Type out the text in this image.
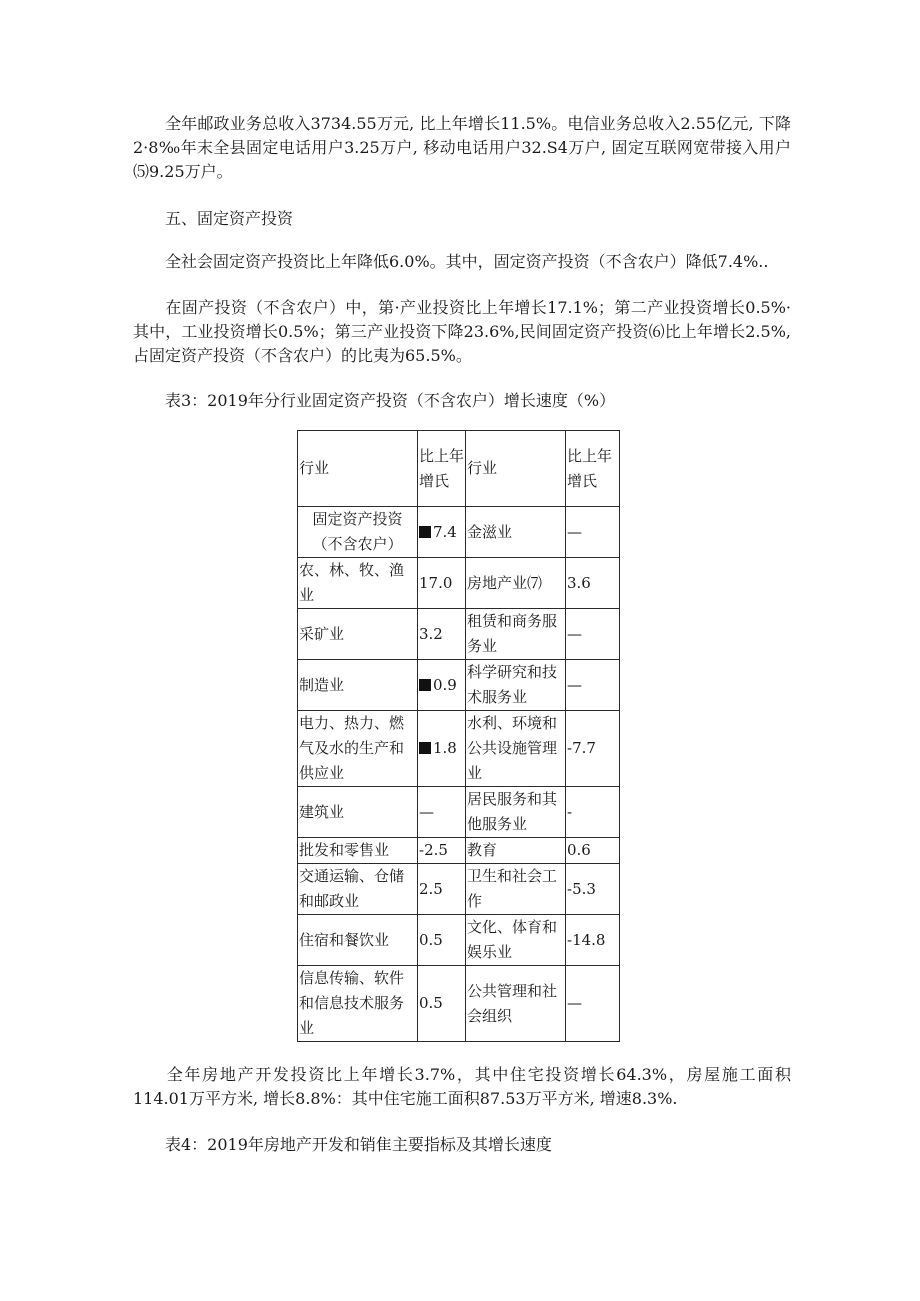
全年邮政业务总收入3734.55万元, 比上年增长11.5%。电信业务总收入2.55亿元, 下降2·8‰年末全县固定电话用户3.25万户, 移动电话用户32.S4万户, 固定互联网宽带接入用户⑸9.25万户。
五、固定资产投资
全社会固定资产投资比上年降低6.0%。其中，固定资产投资（不含农户）降低7.4%..
在固产投资（不含农户）中，第·产业投资比上年增长17.1%；第二产业投资增长0.5%·其中，工业投资增长0.5%；第三产业投资下降23.6%,民间固定资产投资⑹比上年增长2.5%,占固定资产投资（不含农户）的比夷为65.5%。
表3：2019年分行业固定资产投资（不含农户）增长速度（%）
行业	比上年增氏	行业	比上年增氏
固定资产投资（不含农户）	7.4	金滋业	—
农、林、牧、渔业	17.0	房地产业⑺	3.6
采矿业	3.2	租赁和商务服务业	—
制造业	0.9	科学研究和技术服务业	—
电力、热力、燃气及水的生产和供应业	1.8	水利、环境和公共设施管理业	-7.7
建筑业	—	居民服务和其他服务业	-
批发和零售业	-2.5	教育	0.6
交通运输、仓储和邮政业	2.5	卫生和社会工作	-5.3
住宿和餐饮业	0.5	文化、体育和娱乐业	-14.8
信息传输、软件和信息技术服务业	0.5	公共管理和社会组织	—
全年房地产开发投资比上年增长3.7%，其中住宅投资增长64.3%，房屋施工面积114.01万平方米, 增长8.8%：其中住宅施工面积87.53万平方米, 增速8.3%.
表4：2019年房地产开发和销隹主要指标及其增长速度
